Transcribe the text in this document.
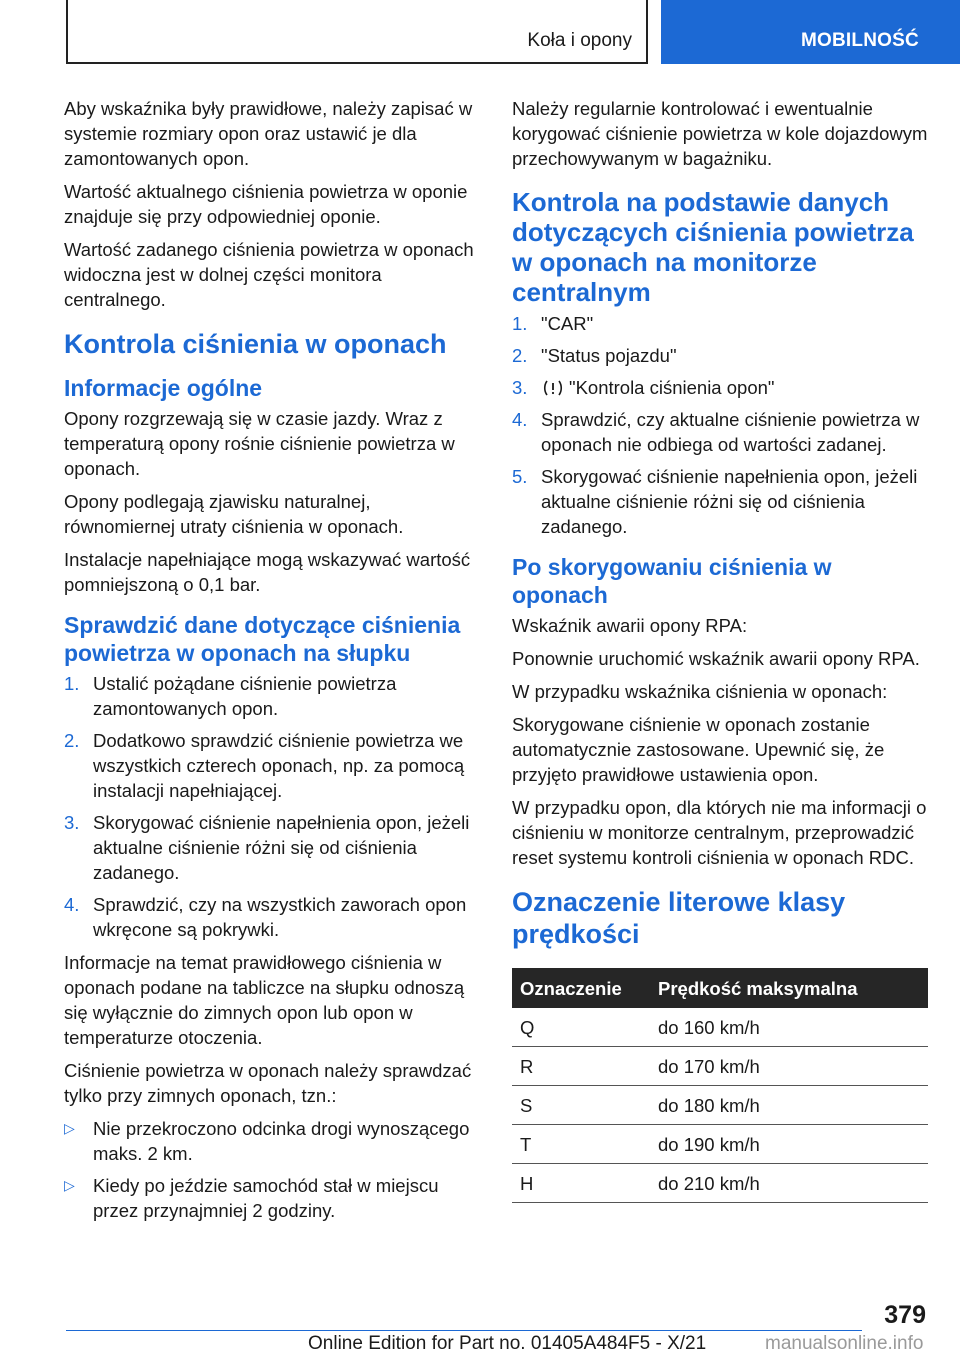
Koła i opony	MOBILNOŚĆ

Aby wskaźnika były prawidłowe, należy zapisać w systemie rozmiary opon oraz ustawić je dla zamontowanych opon.

Wartość aktualnego ciśnienia powietrza w oponie znajduje się przy odpowiedniej oponie.

Wartość zadanego ciśnienia powietrza w oponach widoczna jest w dolnej części monitora centralnego.

Kontrola ciśnienia w oponach
Informacje ogólne

Opony rozgrzewają się w czasie jazdy. Wraz z temperaturą opony rośnie ciśnienie powietrza w oponach.

Opony podlegają zjawisku naturalnej, równomiernej utraty ciśnienia w oponach.

Instalacje napełniające mogą wskazywać wartość pomniejszoną o 0,1 bar.

Sprawdzić dane dotyczące ciśnienia powietrza w oponach na słupku
1. Ustalić pożądane ciśnienie powietrza zamontowanych opon.
2. Dodatkowo sprawdzić ciśnienie powietrza we wszystkich czterech oponach, np. za pomocą instalacji napełniającej.
3. Skorygować ciśnienie napełnienia opon, jeżeli aktualne ciśnienie różni się od ciśnienia zadanego.
4. Sprawdzić, czy na wszystkich zaworach opon wkręcone są pokrywki.

Informacje na temat prawidłowego ciśnienia w oponach podane na tabliczce na słupku odnoszą się wyłącznie do zimnych opon lub opon w temperaturze otoczenia.

Ciśnienie powietrza w oponach należy sprawdzać tylko przy zimnych oponach, tzn.:

▷ Nie przekroczono odcinka drogi wynoszącego maks. 2 km.
▷ Kiedy po jeździe samochód stał w miejscu przez przynajmniej 2 godziny.

Należy regularnie kontrolować i ewentualnie korygować ciśnienie powietrza w kole dojazdowym przechowywanym w bagażniku.

Kontrola na podstawie danych dotyczących ciśnienia powietrza w oponach na monitorze centralnym
1. "CAR"
2. "Status pojazdu"
3. "Kontrola ciśnienia opon"
4. Sprawdzić, czy aktualne ciśnienie powietrza w oponach nie odbiega od wartości zadanej.
5. Skorygować ciśnienie napełnienia opon, jeżeli aktualne ciśnienie różni się od ciśnienia zadanego.
Po skorygowaniu ciśnienia w oponach

Wskaźnik awarii opony RPA:

Ponownie uruchomić wskaźnik awarii opony RPA.

W przypadku wskaźnika ciśnienia w oponach:

Skorygowane ciśnienie w oponach zostanie automatycznie zastosowane. Upewnić się, że przyjęto prawidłowe ustawienia opon.

W przypadku opon, dla których nie ma informacji o ciśnieniu w monitorze centralnym, przeprowadzić reset systemu kontroli ciśnienia w oponach RDC.

Oznaczenie literowe klasy prędkości
Oznaczenie	Prędkość maksymalna
Q	do 160 km/h
R	do 170 km/h
S	do 180 km/h
T	do 190 km/h
H	do 210 km/h
379
Online Edition for Part no. 01405A484F5 - X/21	manualsonline.info
